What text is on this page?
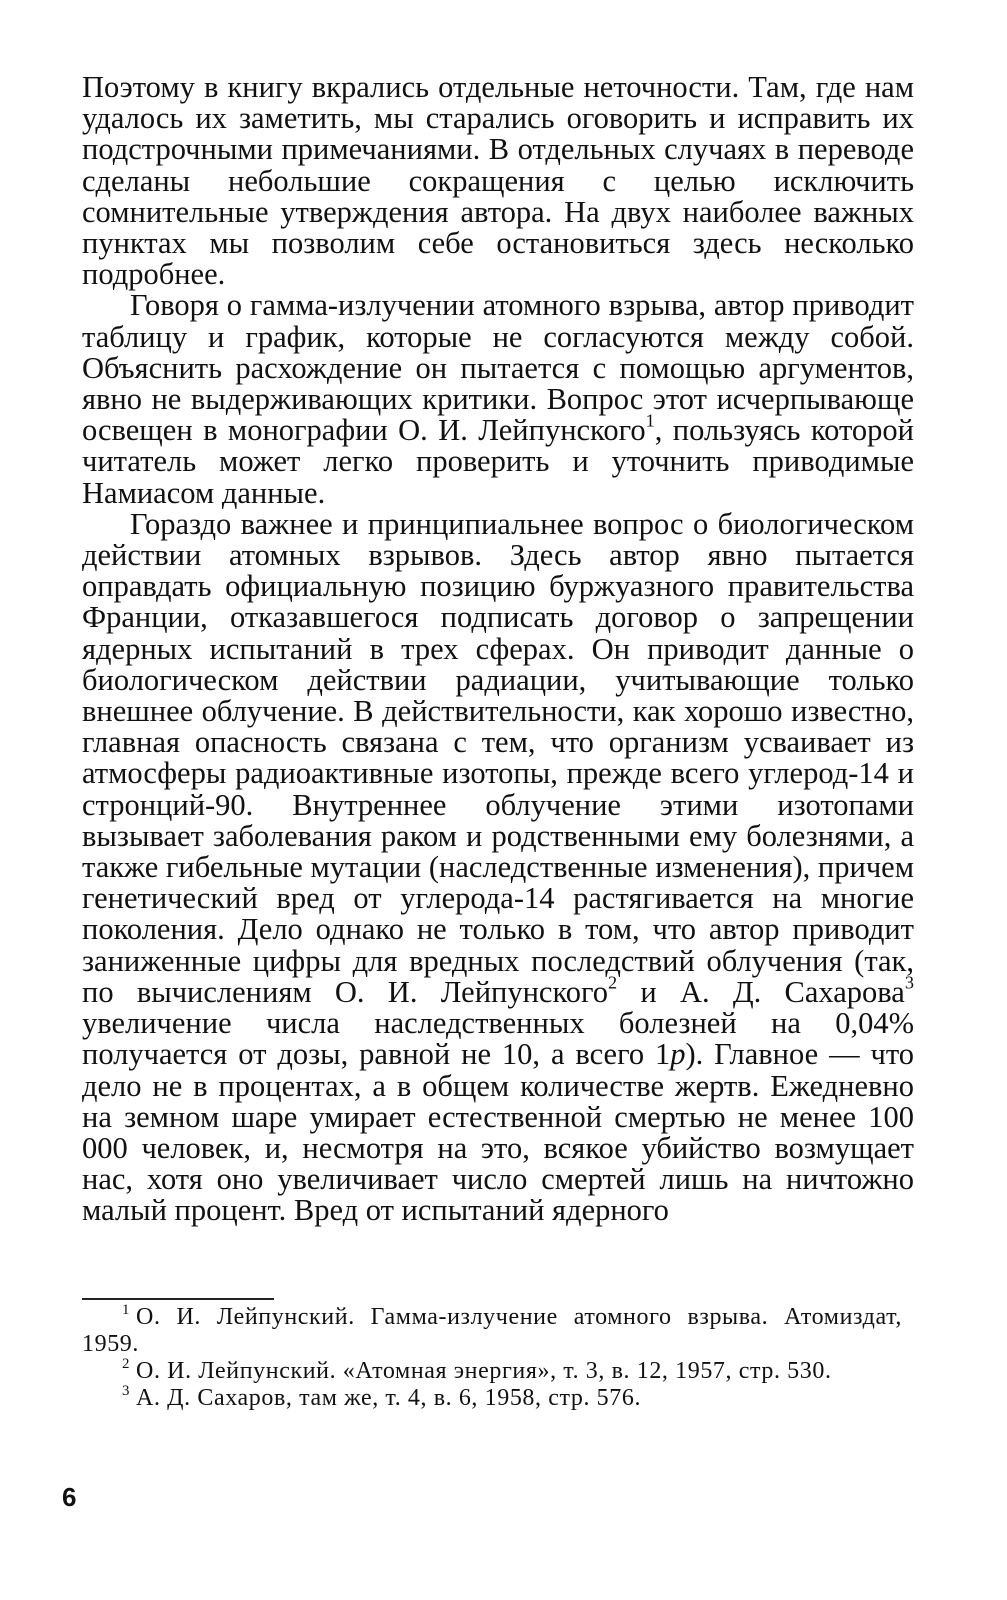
Поэтому в книгу вкрались отдельные неточности. Там, где нам удалось их заметить, мы старались оговорить и исправить их подстрочными примечаниями. В отдельных случаях в переводе сделаны небольшие сокращения с целью исключить сомнительные утверждения автора. На двух наиболее важных пунктах мы позволим себе остановиться здесь несколько подробнее.

Говоря о гамма-излучении атомного взрыва, автор приводит таблицу и график, которые не согласуются между собой. Объяснить расхождение он пытается с помощью аргументов, явно не выдерживающих критики. Вопрос этот исчерпывающе освещен в монографии О. И. Лейпунского$^1$, пользуясь которой читатель может легко проверить и уточнить приводимые Намиасом данные.

Гораздо важнее и принципиальнее вопрос о биологическом действии атомных взрывов. Здесь автор явно пытается оправдать официальную позицию буржуазного правительства Франции, отказавшегося подписать договор о запрещении ядерных испытаний в трех сферах. Он приводит данные о биологическом действии радиации, учитывающие только внешнее облучение. В действительности, как хорошо известно, главная опасность связана с тем, что организм усваивает из атмосферы радиоактивные изотопы, прежде всего углерод-14 и стронций-90. Внутреннее облучение этими изотопами вызывает заболевания раком и родственными ему болезнями, а также гибельные мутации (наследственные изменения), причем генетический вред от углерода-14 растягивается на многие поколения. Дело однако не только в том, что автор приводит заниженные цифры для вредных последствий облучения (так, по вычислениям О. И. Лейпунского$^2$ и А. Д. Сахарова$^3$ увеличение числа наследственных болезней на 0,04% получается от дозы, равной не 10, а всего 1р). Главное — что дело не в процентах, а в общем количестве жертв. Ежедневно на земном шаре умирает естественной смертью не менее 100 000 человек, и, несмотря на это, всякое убийство возмущает нас, хотя оно увеличивает число смертей лишь на ничтожно малый процент. Вред от испытаний ядерного

$^1$ О. И. Лейпунский. Гамма-излучение атомного взрыва. Атомиздат, 1959.

$^2$ О. И. Лейпунский. «Атомная энергия», т. 3, в. 12, 1957, стр. 530.

$^3$ А. Д. Сахаров, там же, т. 4, в. 6, 1958, стр. 576.

6
